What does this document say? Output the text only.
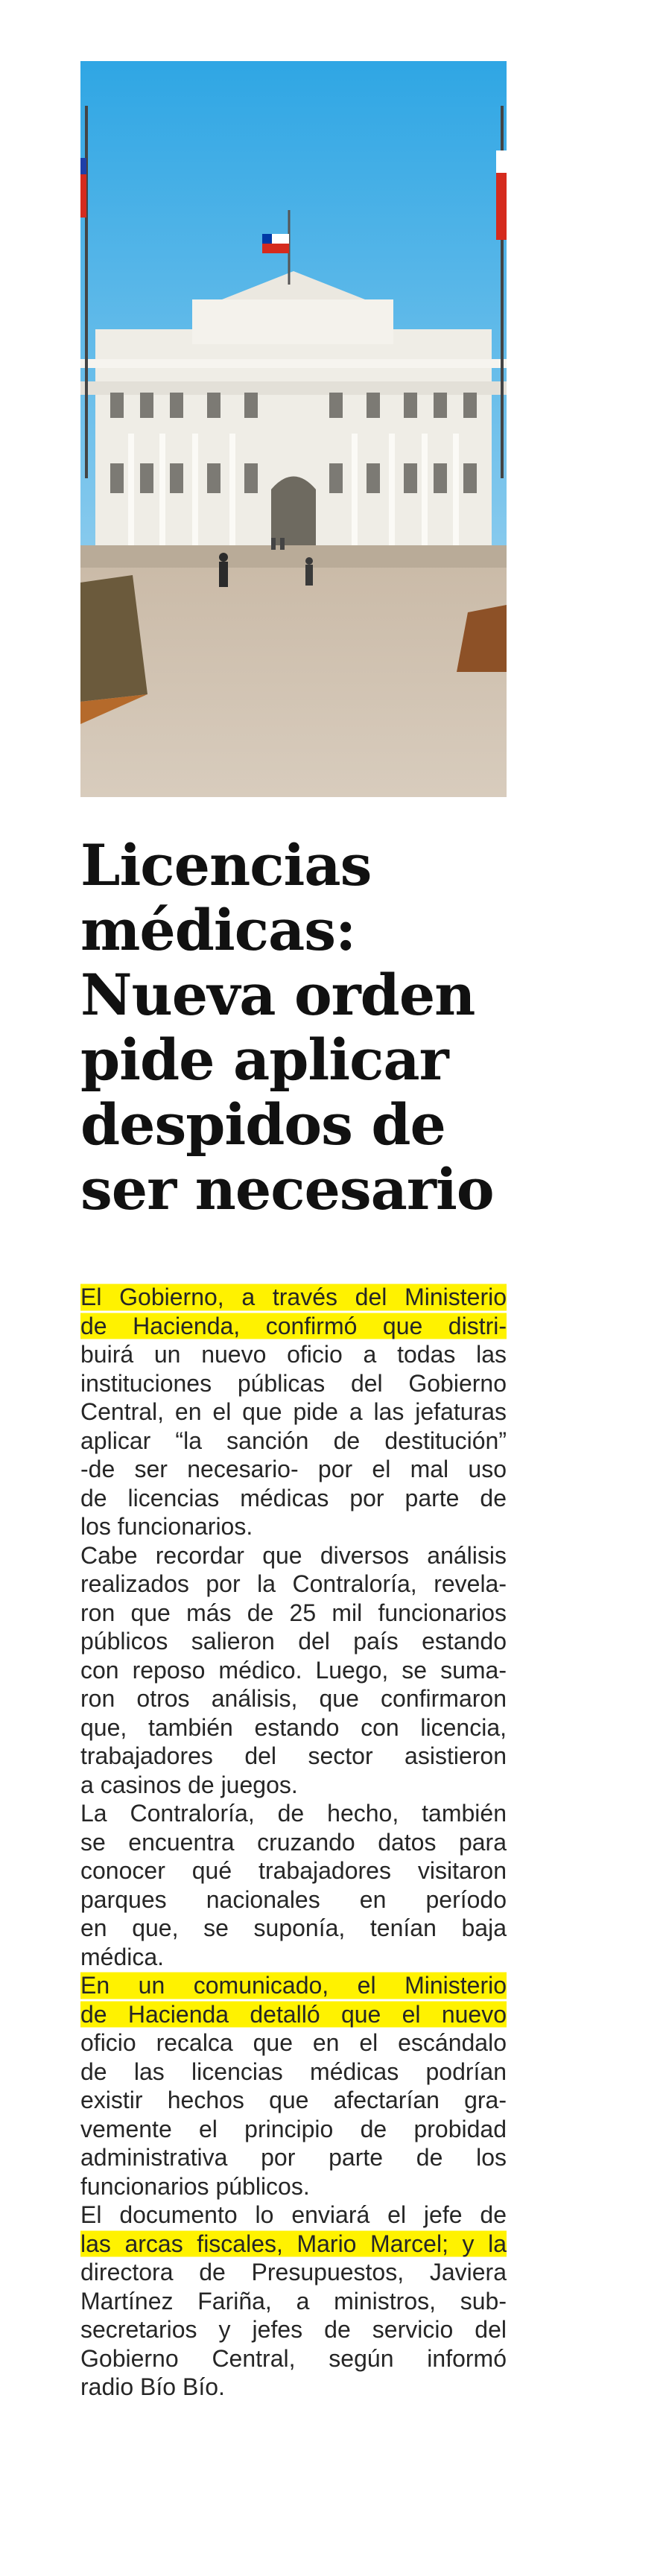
Licencias
médicas:
Nueva orden
pide aplicar
despidos de
ser necesario
El Gobierno, a través del Ministerio
de Hacienda, confirmó que distri-
buirá un nuevo oficio a todas las
instituciones públicas del Gobierno
Central, en el que pide a las jefaturas
aplicar “la sanción de destitución”
-de ser necesario- por el mal uso
de licencias médicas por parte de
los funcionarios.
Cabe recordar que diversos análisis
realizados por la Contraloría, revela-
ron que más de 25 mil funcionarios
públicos salieron del país estando
con reposo médico. Luego, se suma-
ron otros análisis, que confirmaron
que, también estando con licencia,
trabajadores del sector asistieron
a casinos de juegos.
La Contraloría, de hecho, también
se encuentra cruzando datos para
conocer qué trabajadores visitaron
parques nacionales en período
en que, se suponía, tenían baja
médica.
En un comunicado, el Ministerio
de Hacienda detalló que el nuevo
oficio recalca que en el escándalo
de las licencias médicas podrían
existir hechos que afectarían gra-
vemente el principio de probidad
administrativa por parte de los
funcionarios públicos.
El documento lo enviará el jefe de
las arcas fiscales, Mario Marcel; y la
directora de Presupuestos, Javiera
Martínez Fariña, a ministros, sub-
secretarios y jefes de servicio del
Gobierno Central, según informó
radio Bío Bío.
